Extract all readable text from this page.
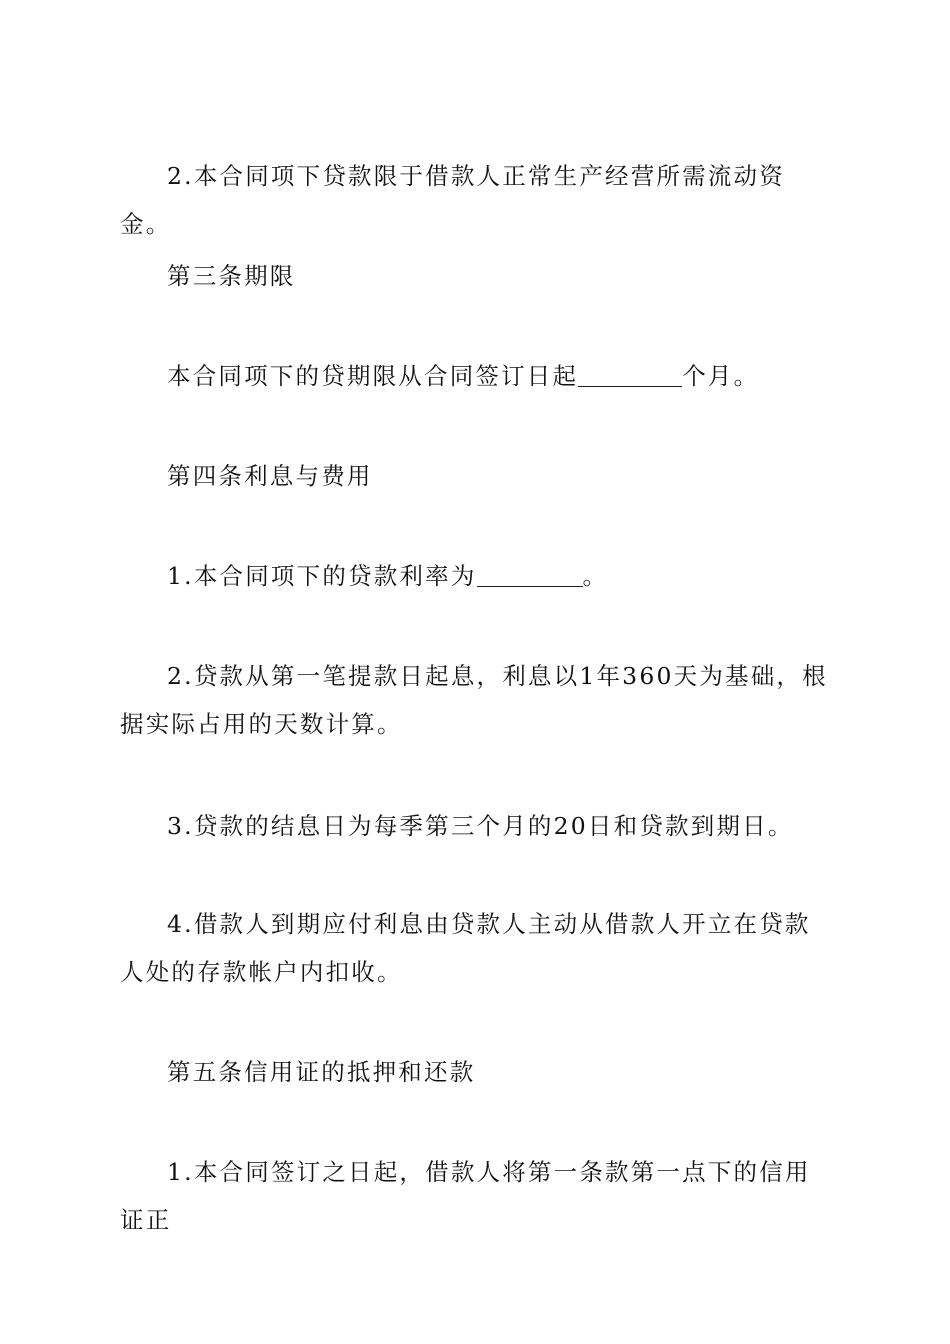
2.本合同项下贷款限于借款人正常生产经营所需流动资金。

第三条期限

本合同项下的贷期限从合同签订日起	个月。

第四条利息与费用

1.本合同项下的贷款利率为	。

2.贷款从第一笔提款日起息，利息以1年360天为基础，根据实际占用的天数计算。

3.贷款的结息日为每季第三个月的20日和贷款到期日。

4.借款人到期应付利息由贷款人主动从借款人开立在贷款人处的存款帐户内扣收。

第五条信用证的抵押和还款

1.本合同签订之日起，借款人将第一条款第一点下的信用证正
